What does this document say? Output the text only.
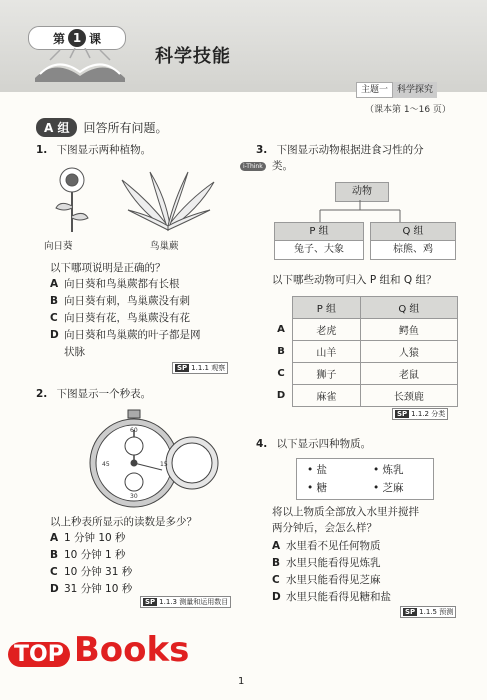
第 1 课
科学技能
主题一	科学探究
（课本第 1～16 页）
A 组	回答所有问题。
1. 下图显示两种植物。
向日葵	鸟巢蕨
以下哪项说明是正确的？
A 向日葵和鸟巢蕨都有长根
B 向日葵有刺，鸟巢蕨没有刺
C 向日葵有花，鸟巢蕨没有花
D 向日葵和鸟巢蕨的叶子都是网
状脉
SP 1.1.1 观察
2. 下图显示一个秒表。
60
15
30
45
以上秒表所显示的读数是多少？
A 1 分钟 10 秒
B 10 分钟 1 秒
C 10 分钟 31 秒
D 31 分钟 10 秒
SP 1.1.3 测量和运用数目
3. 下图显示动物根据进食习性的分
i-Think 类。
动物
P 组
兔子、大象
Q 组
棕熊、鸡
以下哪些动物可归入 P 组和 Q 组？
	P 组	Q 组
A	老虎	鳄鱼
B	山羊	人猿
C	狮子	老鼠
D	麻雀	长颈鹿
SP 1.1.2 分类
4. 以下显示四种物质。
• 盐	• 炼乳
• 糖	• 芝麻
将以上物质全部放入水里并搅拌
两分钟后，会怎么样？
A 水里看不见任何物质
B 水里只能看得见炼乳
C 水里只能看得见芝麻
D 水里只能看得见糖和盐
SP 1.1.5 预测
TOP Books
1
